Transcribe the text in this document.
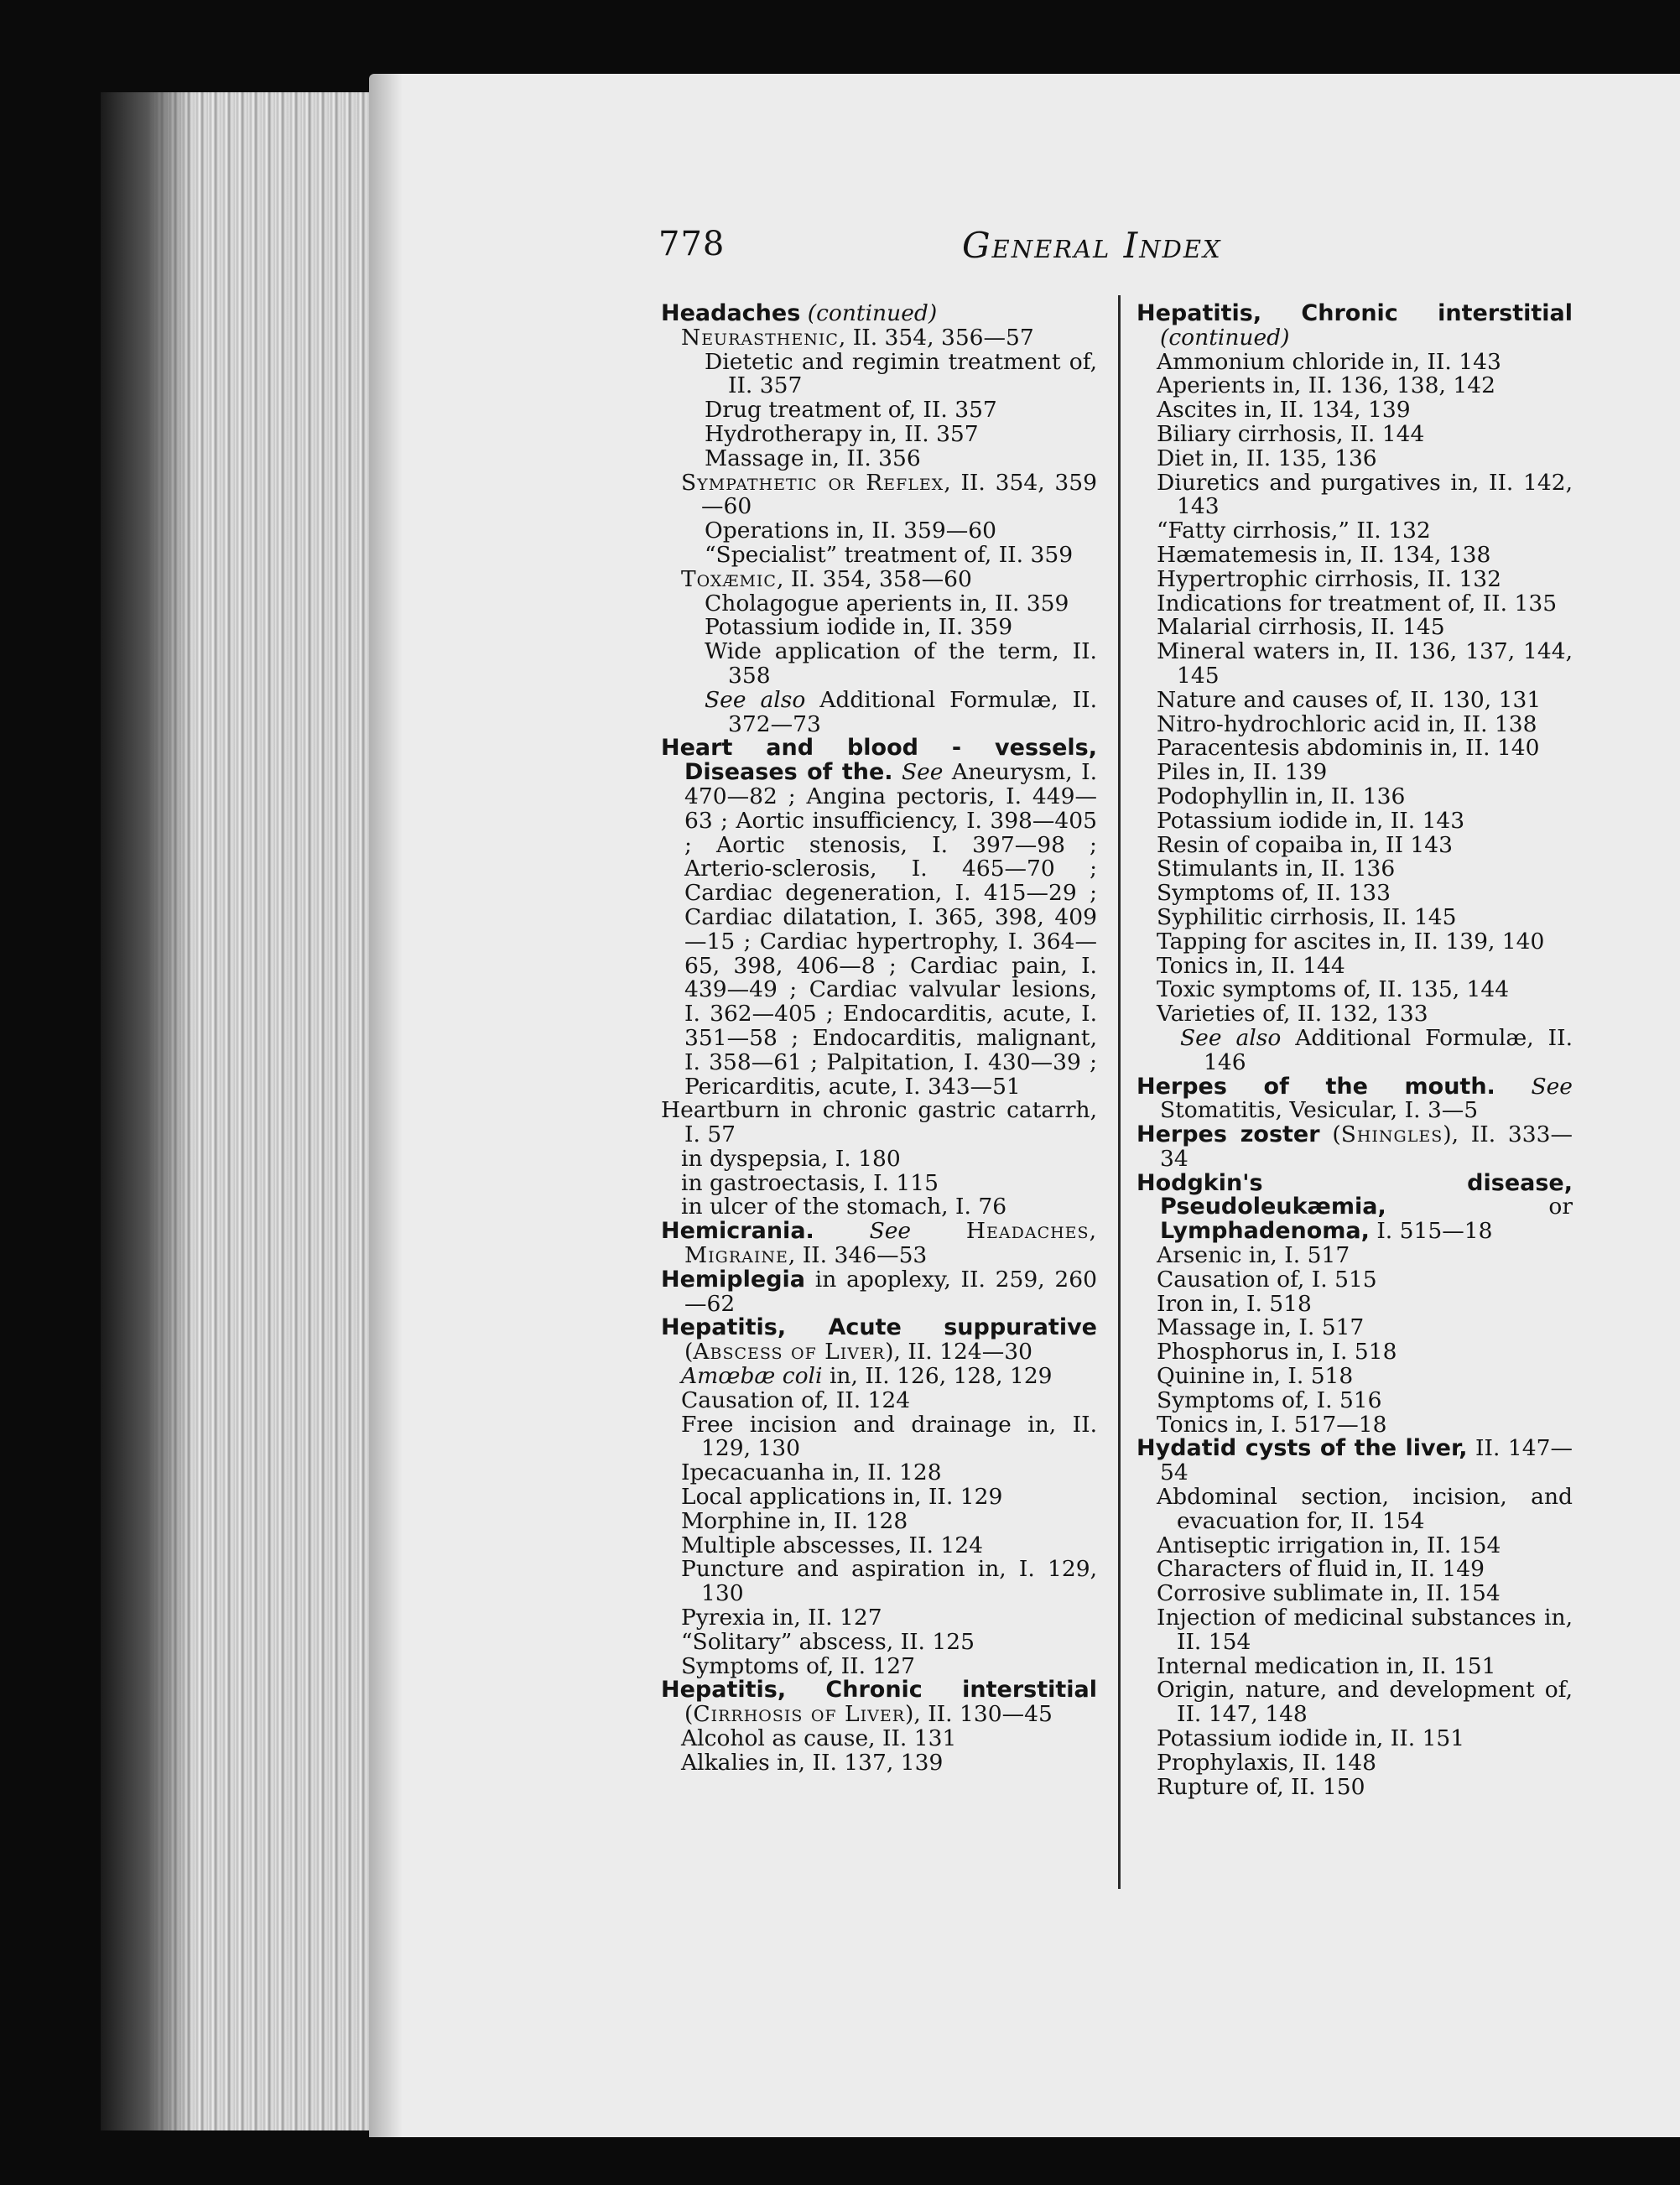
778	General Index
Headaches (continued)
Neurasthenic, II. 354, 356—57
Dietetic and regimin treatment of, II. 357
Drug treatment of, II. 357
Hydrotherapy in, II. 357
Massage in, II. 356
Sympathetic or Reflex, II. 354, 359—60
Operations in, II. 359—60
“Specialist” treatment of, II. 359
Toxæmic, II. 354, 358—60
Cholagogue aperients in, II. 359
Potassium iodide in, II. 359
Wide application of the term, II. 358
See also Additional Formulæ, II. 372—73
Heart and blood - vessels, Diseases of the. See Aneurysm, I. 470—82 ; Angina pectoris, I. 449—63 ; Aortic insufficiency, I. 398—405 ; Aortic stenosis, I. 397—98 ; Arterio-sclerosis, I. 465—70 ; Cardiac degeneration, I. 415—29 ; Cardiac dilatation, I. 365, 398, 409—15 ; Cardiac hypertrophy, I. 364—65, 398, 406—8 ; Cardiac pain, I. 439—49 ; Cardiac valvular lesions, I. 362—405 ; Endocarditis, acute, I. 351—58 ; Endocarditis, malignant, I. 358—61 ; Palpitation, I. 430—39 ; Pericarditis, acute, I. 343—51
Heartburn in chronic gastric catarrh, I. 57
in dyspepsia, I. 180
in gastroectasis, I. 115
in ulcer of the stomach, I. 76
Hemicrania. See Headaches, Migraine, II. 346—53
Hemiplegia in apoplexy, II. 259, 260—62
Hepatitis, Acute suppurative (Abscess of Liver), II. 124—30
Amœbæ coli in, II. 126, 128, 129
Causation of, II. 124
Free incision and drainage in, II. 129, 130
Ipecacuanha in, II. 128
Local applications in, II. 129
Morphine in, II. 128
Multiple abscesses, II. 124
Puncture and aspiration in, I. 129, 130
Pyrexia in, II. 127
“Solitary” abscess, II. 125
Symptoms of, II. 127
Hepatitis, Chronic interstitial (Cirrhosis of Liver), II. 130—45
Alcohol as cause, II. 131
Alkalies in, II. 137, 139
Hepatitis, Chronic interstitial (continued)
Ammonium chloride in, II. 143
Aperients in, II. 136, 138, 142
Ascites in, II. 134, 139
Biliary cirrhosis, II. 144
Diet in, II. 135, 136
Diuretics and purgatives in, II. 142, 143
“Fatty cirrhosis,” II. 132
Hæmatemesis in, II. 134, 138
Hypertrophic cirrhosis, II. 132
Indications for treatment of, II. 135
Malarial cirrhosis, II. 145
Mineral waters in, II. 136, 137, 144, 145
Nature and causes of, II. 130, 131
Nitro-hydrochloric acid in, II. 138
Paracentesis abdominis in, II. 140
Piles in, II. 139
Podophyllin in, II. 136
Potassium iodide in, II. 143
Resin of copaiba in, II 143
Stimulants in, II. 136
Symptoms of, II. 133
Syphilitic cirrhosis, II. 145
Tapping for ascites in, II. 139, 140
Tonics in, II. 144
Toxic symptoms of, II. 135, 144
Varieties of, II. 132, 133
See also Additional Formulæ, II. 146
Herpes of the mouth. See Stomatitis, Vesicular, I. 3—5
Herpes zoster (Shingles), II. 333—34
Hodgkin's disease, Pseudoleukæmia, or Lymphadenoma, I. 515—18
Arsenic in, I. 517
Causation of, I. 515
Iron in, I. 518
Massage in, I. 517
Phosphorus in, I. 518
Quinine in, I. 518
Symptoms of, I. 516
Tonics in, I. 517—18
Hydatid cysts of the liver, II. 147—54
Abdominal section, incision, and evacuation for, II. 154
Antiseptic irrigation in, II. 154
Characters of fluid in, II. 149
Corrosive sublimate in, II. 154
Injection of medicinal substances in, II. 154
Internal medication in, II. 151
Origin, nature, and development of, II. 147, 148
Potassium iodide in, II. 151
Prophylaxis, II. 148
Rupture of, II. 150
